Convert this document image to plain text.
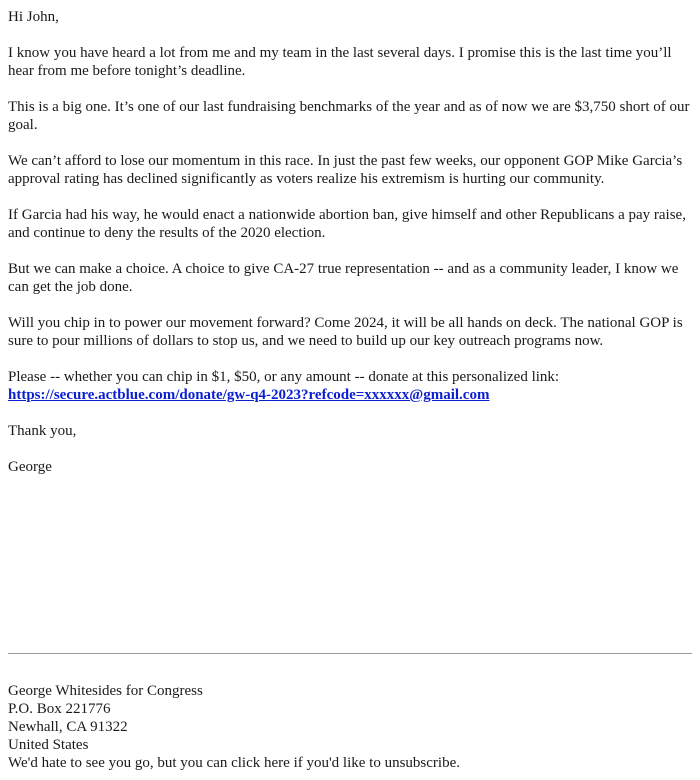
Hi John,

I know you have heard a lot from me and my team in the last several days. I promise this is the last time you’ll hear from me before tonight’s deadline.

This is a big one. It’s one of our last fundraising benchmarks of the year and as of now we are $3,750 short of our goal.

We can’t afford to lose our momentum in this race. In just the past few weeks, our opponent GOP Mike Garcia’s approval rating has declined significantly as voters realize his extremism is hurting our community.

If Garcia had his way, he would enact a nationwide abortion ban, give himself and other Republicans a pay raise, and continue to deny the results of the 2020 election.

But we can make a choice. A choice to give CA-27 true representation -- and as a community leader, I know we can get the job done.

Will you chip in to power our movement forward? Come 2024, it will be all hands on deck. The national GOP is sure to pour millions of dollars to stop us, and we need to build up our key outreach programs now.

Please -- whether you can chip in $1, $50, or any amount -- donate at this personalized link:
https://secure.actblue.com/donate/gw-q4-2023?refcode=xxxxxx@gmail.com

Thank you,

George

George Whitesides for Congress
P.O. Box 221776
Newhall, CA 91322
United States
We'd hate to see you go, but you can click here if you'd like to unsubscribe.
